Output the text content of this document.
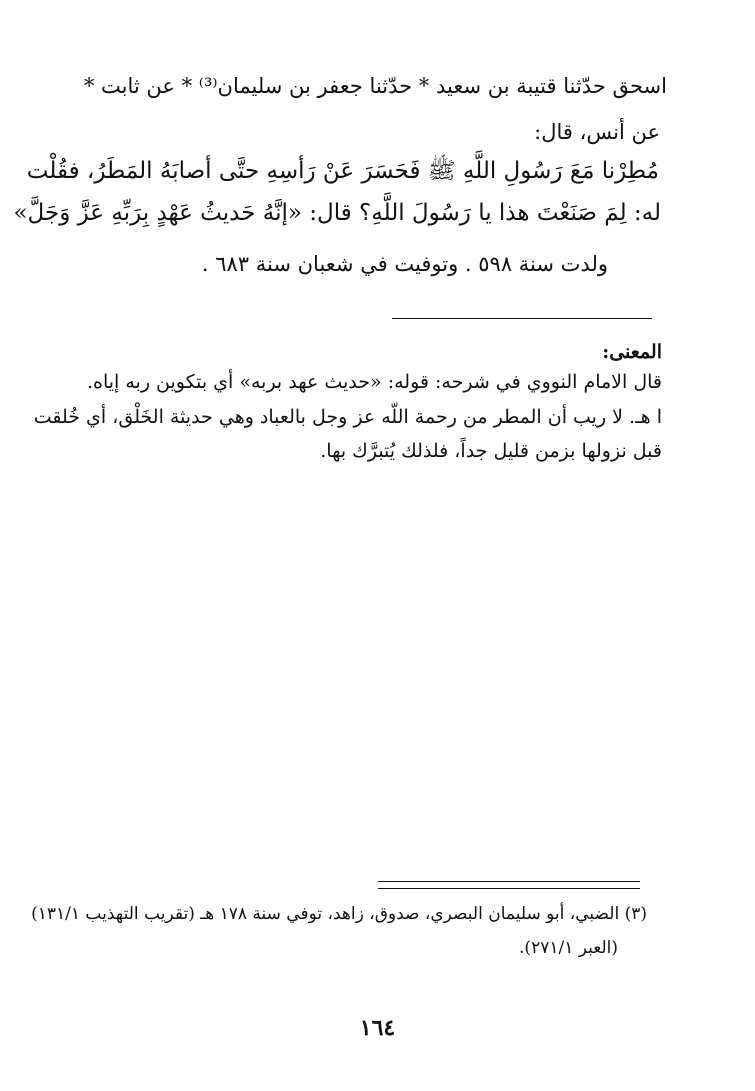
اسحق حدّثنا قتيبة بن سعيد * حدّثنا جعفر بن سليمان⁽³⁾ * عن ثابت *
عن أنس، قال:
مُطِرْنا مَعَ رَسُولِ اللَّهِ ﷺ فَحَسَرَ عَنْ رَأسِهِ حتَّى أصابَهُ المَطَرُ، فقُلْت
له: لِمَ صَنَعْتَ هذا يا رَسُولَ اللَّهِ؟ قال: «إنَّهُ حَديثُ عَهْدٍ بِرَبِّهِ عَزَّ وَجَلَّ»
ولدت سنة ٥٩٨ . وتوفيت في شعبان سنة ٦٨٣ .
المعنى:
قال الامام النووي في شرحه: قوله: «حديث عهد بربه» أي بتكوين ربه إياه.
ا هـ. لا ريب أن المطر من رحمة اللّه عز وجل بالعباد وهي حديثة الخَلْق، أي خُلقت
قبل نزولها بزمن قليل جداً، فلذلك يُتبرَّك بها.
(٣) الضبي، أبو سليمان البصري، صدوق، زاهد، توفي سنة ١٧٨ هـ (تقريب التهذيب ١٣١/١)
(العبر ٢٧١/١).
١٦٤
